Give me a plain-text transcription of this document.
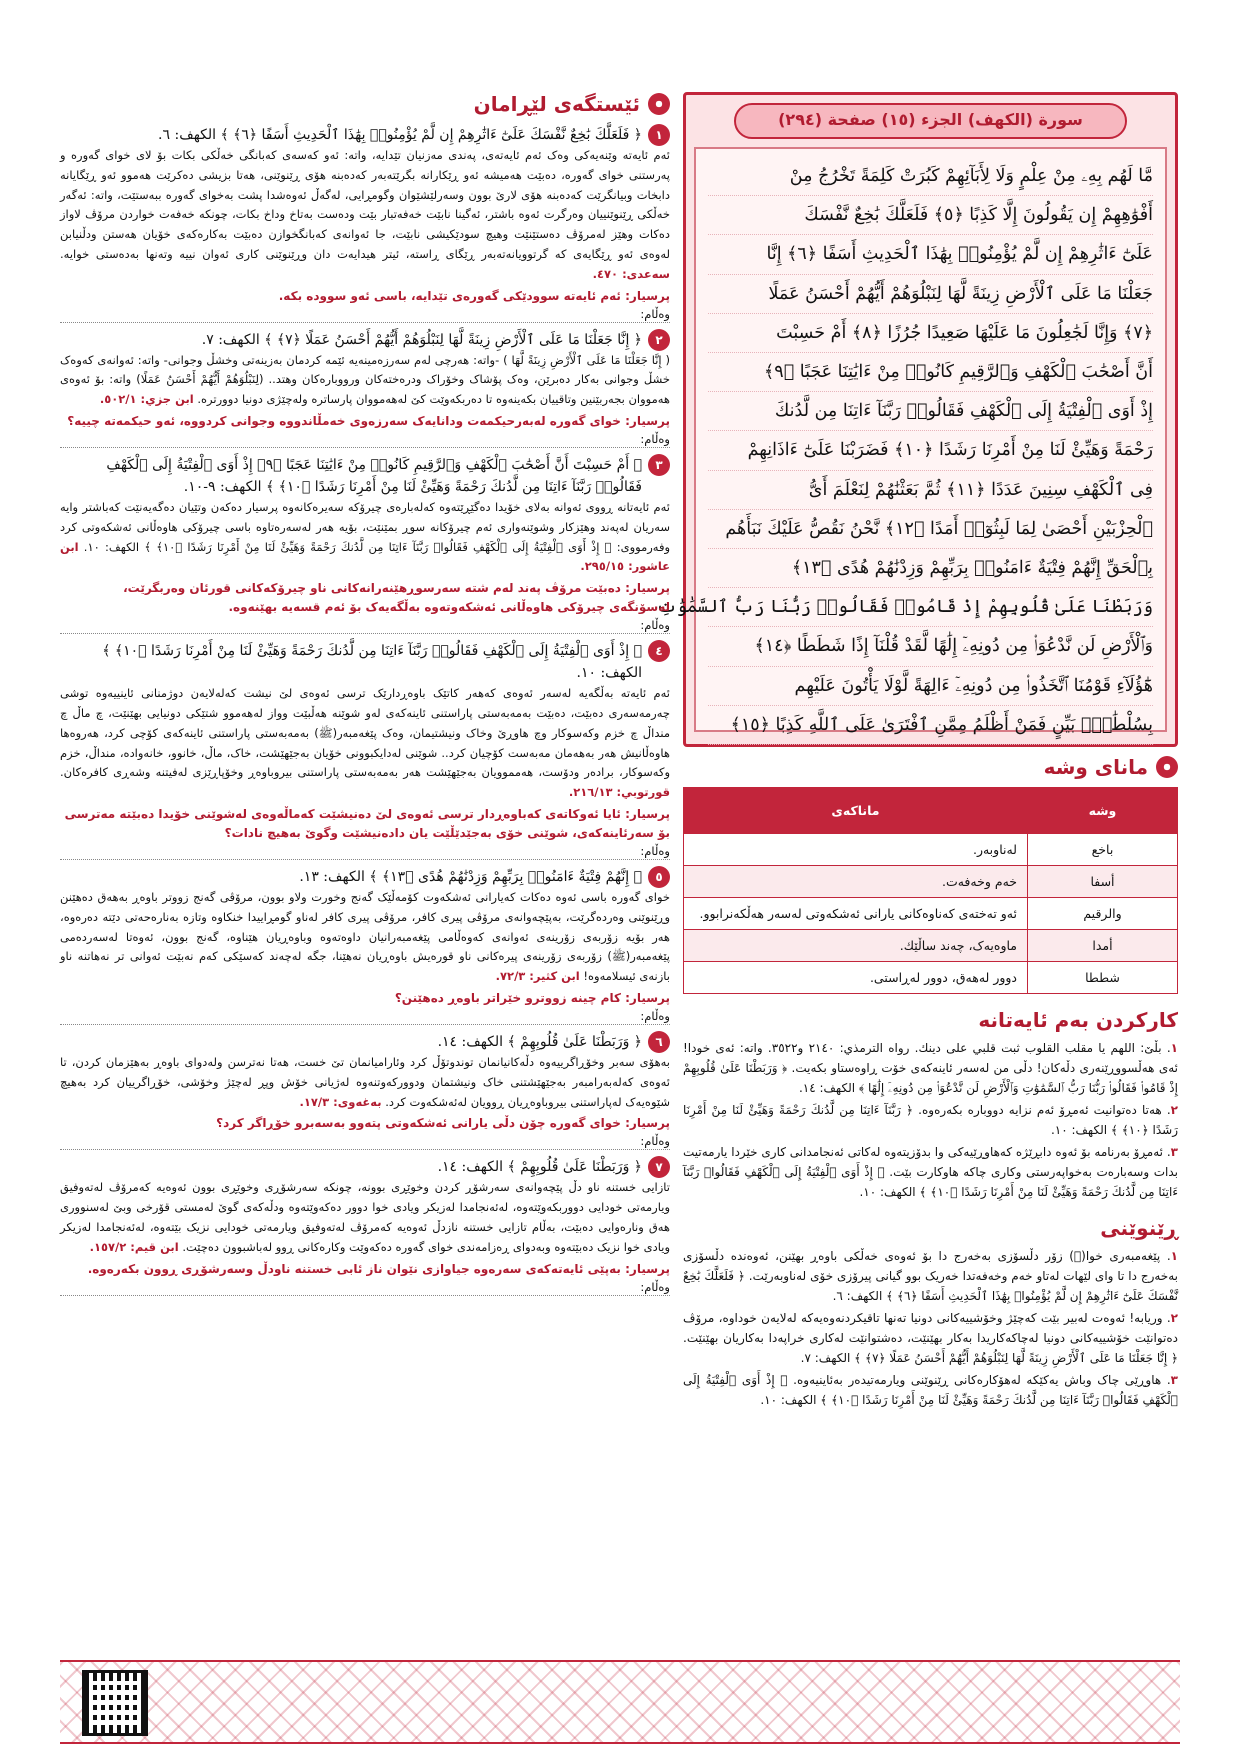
سورة (الكهف) الجزء (١٥) صفحة (٢٩٤)
مَّا لَهُم بِهِۦ مِنْ عِلْمٍ وَلَا لِأَبَآئِهِمْ كَبُرَتْ كَلِمَةً تَخْرُجُ مِنْ
أَفْوَٰهِهِمْ إِن يَقُولُونَ إِلَّا كَذِبًا ﴿٥﴾ فَلَعَلَّكَ بَٰخِعٌ نَّفْسَكَ
عَلَىٰٓ ءَاثَٰرِهِمْ إِن لَّمْ يُؤْمِنُوا۟ بِهَٰذَا ٱلْحَدِيثِ أَسَفًا ﴿٦﴾ إِنَّا
جَعَلْنَا مَا عَلَى ٱلْأَرْضِ زِينَةً لَّهَا لِنَبْلُوَهُمْ أَيُّهُمْ أَحْسَنُ عَمَلًا
﴿٧﴾ وَإِنَّا لَجَٰعِلُونَ مَا عَلَيْهَا صَعِيدًا جُرُزًا ﴿٨﴾ أَمْ حَسِبْتَ
أَنَّ أَصْحَٰبَ ٱلْكَهْفِ وَٱلرَّقِيمِ كَانُوا۟ مِنْ ءَايَٰتِنَا عَجَبًا ﴿٩﴾
إِذْ أَوَى ٱلْفِتْيَةُ إِلَى ٱلْكَهْفِ فَقَالُوا۟ رَبَّنَآ ءَاتِنَا مِن لَّدُنكَ
رَحْمَةً وَهَيِّئْ لَنَا مِنْ أَمْرِنَا رَشَدًا ﴿١٠﴾ فَضَرَبْنَا عَلَىٰٓ ءَاذَانِهِمْ
فِى ٱلْكَهْفِ سِنِينَ عَدَدًا ﴿١١﴾ ثُمَّ بَعَثْنَٰهُمْ لِنَعْلَمَ أَىُّ
ٱلْحِزْبَيْنِ أَحْصَىٰ لِمَا لَبِثُوٓا۟ أَمَدًا ﴿١٢﴾ نَّحْنُ نَقُصُّ عَلَيْكَ نَبَأَهُم
بِٱلْحَقِّ إِنَّهُمْ فِتْيَةٌ ءَامَنُوا۟ بِرَبِّهِمْ وَزِدْنَٰهُمْ هُدًى ﴿١٣﴾
وَرَبَطْنَا عَلَىٰ قُلُوبِهِمْ إِذْ قَامُوا۟ فَقَالُوا۟ رَبُّنَا رَبُّ ٱلسَّمَٰوَٰتِ
وَٱلْأَرْضِ لَن نَّدْعُوَا۟ مِن دُونِهِۦٓ إِلَٰهًا لَّقَدْ قُلْنَآ إِذًا شَطَطًا ﴿١٤﴾
هَٰٓؤُلَآءِ قَوْمُنَا ٱتَّخَذُوا۟ مِن دُونِهِۦٓ ءَالِهَةً لَّوْلَا يَأْتُونَ عَلَيْهِم
بِسُلْطَٰنٍۭ بَيِّنٍ فَمَنْ أَظْلَمُ مِمَّنِ ٱفْتَرَىٰ عَلَى ٱللَّهِ كَذِبًا ﴿١٥﴾
ئێستگەی لێڕامان
١
﴿ فَلَعَلَّكَ بَٰخِعٌ نَّفْسَكَ عَلَىٰٓ ءَاثَٰرِهِمْ إِن لَّمْ يُؤْمِنُوا۟ بِهَٰذَا ٱلْحَدِيثِ أَسَفًا ﴿٦﴾ ﴾ الكهف: ٦.
ئەم ئایەتە وێنەیەکی وەک ئەم ئایەتەی، پەندی مەزنیان تێدایە، واتە: ئەو کەسەی کەبانگی خەڵکی بکات بۆ لای خوای گەورە و پەرستنی خوای گەورە، دەبێت هەمیشە ئەو ڕێکارانە بگرێتەبەر کەدەبنە هۆی ڕێنوێنی، هەتا بزیشی دەکرێت هەموو ئەو ڕێگایانە دابخات وبیانگرێت کەدەبنە هۆی لارێ بوون وسەرلێشێوان وگومڕایی، لەگەڵ ئەوەشدا پشت بەخوای گەورە ببەستێت، واتە: ئەگەر خەڵکی ڕێنوێنییان وەرگرت ئەوە باشتر، ئەگینا نابێت خەفەتبار بێت ودەست بەتاخ وداخ بکات، چونکە خەفەت خواردن مرۆڤ لاواز دەکات وهێز لەمرۆڤ دەستێنێت وهیچ سودێکیشی نابێت، جا ئەوانەی کەبانگخوازن دەبێت بەکارەکەی خۆیان هەستن ودڵنیابن لەوەی ئەو ڕێگایەی کە گرتوویانەتەبەر ڕێگای ڕاستە، ئیتر هیدایەت دان وڕێنوێنی کاری ئەوان نییە وتەنها بەدەستی خوایە. سەعدی: ٤٧٠.
پرسیار: ئەم ئایەتە سوودێکی گەورەی تێدایە، باسی ئەو سوودە بکە.
وەڵام:
٢
﴿ إِنَّا جَعَلْنَا مَا عَلَى ٱلْأَرْضِ زِينَةً لَّهَا لِنَبْلُوَهُمْ أَيُّهُمْ أَحْسَنُ عَمَلًا ﴿٧﴾ ﴾ الكهف: ٧.
( إِنَّا جَعَلْنَا مَا عَلَى ٱلْأَرْضِ زِينَةً لَّهَا ) -واتە: هەرچی لەم سەرزەمینەیە ئێمە کردمان بەزینەتی وخشڵ وجوانی- واتە: ئەوانەی کەوەک خشڵ وجوانی بەکار دەبرێن، وەک پۆشاک وخۆراک ودرەختەکان ورووبارەکان وهتد.. (لِنَبْلُوَهُمْ أَيُّهُمْ أَحْسَنُ عَمَلًا) واتە: بۆ ئەوەی هەمووان بجەربێنین وتاقییان بکەینەوە تا دەربکەوێت کێ لەهەمووان پارساترە ولەچێژی دونیا دوورترە. ابن جزي: ٥٠٢/١.
پرسیار: خوای گەورە لەبەرحیکمەت ودانایەک سەرزەوی خەمڵاندووە وجوانی کردووە، ئەو حیکمەتە چییە؟
وەڵام:
٣
﴿ أَمْ حَسِبْتَ أَنَّ أَصْحَٰبَ ٱلْكَهْفِ وَٱلرَّقِيمِ كَانُوا۟ مِنْ ءَايَٰتِنَا عَجَبًا ﴿٩﴾ إِذْ أَوَى ٱلْفِتْيَةُ إِلَى ٱلْكَهْفِ فَقَالُوا۟ رَبَّنَآ ءَاتِنَا مِن لَّدُنكَ رَحْمَةً وَهَيِّئْ لَنَا مِنْ أَمْرِنَا رَشَدًا ﴿١٠﴾ ﴾ الكهف: ٩-١٠.
ئەم ئایەتانە ڕووی ئەوانە بەلای خۆیدا دەگێڕێتەوە کەلەبارەی چیرۆکە سەیرەکانەوە پرسیار دەکەن وتێیان دەگەیەنێت کەباشتر وایە سەریان لەپەند وهێزکار وشوێنەواری ئەم چیرۆکانە سوڕ بمێنێت، بۆیە هەر لەسەرەتاوە باسی چیرۆکی هاوەڵانی ئەشکەوتی کرد وفەرمووی: ﴿ إِذْ أَوَى ٱلْفِتْيَةُ إِلَى ٱلْكَهْفِ فَقَالُوا۟ رَبَّنَآ ءَاتِنَا مِن لَّدُنكَ رَحْمَةً وَهَيِّئْ لَنَا مِنْ أَمْرِنَا رَشَدًا ﴿١٠﴾ ﴾ الكهف: ١٠. ابن عاشور: ٢٩٥/١٥.
پرسیار: دەبێت مرۆڤ پەند لەم شتە سەرسوڕهێنەرانەکانی ناو چیرۆکەکانی قورئان وەربگرێت، لەسۆنگەی چیرۆکی هاوەڵانی ئەشکەوتەوە بەڵگەیەک بۆ ئەم قسەیە بهێنەوە.
وەڵام:
٤
﴿ إِذْ أَوَى ٱلْفِتْيَةُ إِلَى ٱلْكَهْفِ فَقَالُوا۟ رَبَّنَآ ءَاتِنَا مِن لَّدُنكَ رَحْمَةً وَهَيِّئْ لَنَا مِنْ أَمْرِنَا رَشَدًا ﴿١٠﴾ ﴾ الكهف: ١٠.
ئەم ئایەتە بەڵگەیە لەسەر ئەوەی کەهەر کاتێک باوەڕدارێک ترسی ئەوەی لێ نیشت کەلەلایەن دوژمنانی ئاینییەوە توشی چەرمەسەری دەبێت، دەبێت بەمەبەستی پاراستنی ئاینەکەی لەو شوێنە هەڵبێت وواز لەهەموو شتێکی دونیایی بهێنێت، چ ماڵ چ منداڵ چ خزم وکەسوکار وچ هاوڕێ وخاک ونیشتیمان، وەک پێغەمبەر(ﷺ) بەمەبەستی پاراستنی ئاینەکەی کۆچی کرد، هەروەها هاوەڵانیش هەر بەهەمان مەبەست کۆچیان کرد.. شوێنی لەدایکبوونی خۆیان بەجێهێشت، خاک، ماڵ، خانوو، خانەوادە، منداڵ، خزم وکەسوکار، برادەر ودۆست، هەمموویان بەجێهێشت هەر بەمەبەستی پاراستنی بیروباوەڕ وخۆپاڕێزی لەفیتنە وشەڕی کافرەکان. قورتوبي: ٢١٦/١٣.
پرسیار: ئایا ئەوکاتەی کەباوەڕدار ترسی ئەوەی لێ دەنیشێت کەماڵەوەی لەشوێنی خۆیدا دەبێتە مەترسی بۆ سەرئاینەکەی، شوێنی خۆی بەجێدێڵێت یان دادەنیشێت وگوێ بەهیچ نادات؟
وەڵام:
٥
﴿ إِنَّهُمْ فِتْيَةٌ ءَامَنُوا۟ بِرَبِّهِمْ وَزِدْنَٰهُمْ هُدًى ﴿١٣﴾ ﴾ الكهف: ١٣.
خوای گەورە باسی ئەوە دەکات کەیارانی ئەشکەوت کۆمەڵێک گەنج وخورت ولاو بوون، مرۆڤی گەنج زووتر باوەڕ بەهەق دەهێنن وڕێنوێنی وەردەگرێت، بەپێچەوانەی مرۆڤی پیری کافر، مرۆڤی پیری کافر لەناو گومڕاییدا خنکاوە وتازە بەنارەحەتی دێتە دەرەوە، هەر بۆیە زۆربەی زۆرینەی ئەوانەی کەوەڵامی پێغەمبەرانیان داوەتەوە وباوەڕیان هێناوە، گەنج بوون، ئەوەتا لەسەردەمی پێغەمبەر(ﷺ) زۆربەی زۆرینەی پیرەکانی ناو قورەیش باوەڕیان نەهێنا، جگە لەچەند کەسێکی کەم نەبێت ئەوانی تر نەهاتنە ناو بازنەی ئیسلامەوە! ابن كثير: ٧٢/٣.
پرسیار: کام چینە زووترو خێراتر باوەڕ دەهێنن؟
وەڵام:
٦
﴿ وَرَبَطْنَا عَلَىٰ قُلُوبِهِمْ ﴾ الكهف: ١٤.
بەهۆی سەبر وخۆڕاگرییەوە دڵەکانیانمان توندوتۆڵ کرد وئارامیانمان تێ خست، هەتا نەترسن ولەدوای باوەڕ بەهێزمان کردن، تا ئەوەی کەلەبەرامبەر بەجێهێشتنی خاک ونیشتمان ودوورکەوتنەوە لەژیانی خۆش وپڕ لەچێژ وخۆشی، خۆڕاگرییان کرد بەهیچ شێوەیەک لەپاراستنی بیروباوەڕیان ڕوویان لەئەشکەوت کرد. بەغەوی: ١٧/٣.
پرسیار: خوای گەورە چۆن دڵی یارانی ئەشکەوتی پتەوو بەسەبرو خۆڕاگر کرد؟
وەڵام:
٧
﴿ وَرَبَطْنَا عَلَىٰ قُلُوبِهِمْ ﴾ الكهف: ١٤.
تازایی خستنە ناو دڵ پێچەوانەی سەرشۆڕ کردن وخوێڕی بوونە، چونکە سەرشۆڕی وخوێڕی بوون ئەوەیە کەمرۆڤ لەتەوفیق ویارمەتی خودایی دووربکەوێتەوە، لەئەنجامدا لەزیکر ویادی خوا دوور دەکەوێتەوە ودڵەکەی گوێ لەمستی قۆرخی وبێ لەسنووری هەق ونارەوایی دەبێت، بەڵام تازایی خستنە نازدڵ ئەوەیە کەمرۆڤ لەتەوفیق ویارمەتی خودایی نزیک بێتەوە، لەئەنجامدا لەزیکر ویادی خوا نزیک دەبێتەوە وبەدوای ڕەزامەندی خوای گەورە دەکەوێت وکارەکانی ڕوو لەباشبوون دەچێت. ابن قیم: ١٥٧/٢.
پرسیار: بەپێی ئایەتەکەی سەرەوە جیاوازی نێوان ناز ئابی خستنە ناودڵ وسەرشۆڕی ڕوون بکەرەوە.
وەڵام:
مانای وشە
وشە	ماناکەی
باخع	لەناوبەر.
أسفا	خەم وخەفەت.
والرقيم	ئەو تەختەی کەناوەکانی یارانی ئەشکەوتی لەسەر هەڵکەنرابوو.
أمدا	ماوەیەک، چەند ساڵێك.
شططا	دوور لەهەق، دوور لەڕاستی.
کارکردن بەم ئایەتانە

١. بڵێ: اللهم يا مقلب القلوب ثبت قلبي على دينك. رواه الترمذي: ٢١٤٠ و٣٥٢٢. واتە: ئەی خودا! ئەی هەڵسووڕێنەری دڵەکان! دڵی من لەسەر ئاینەکەی خۆت ڕاوەستاو بکەیت. ﴿ وَرَبَطْنَا عَلَىٰ قُلُوبِهِمْ إِذْ قَامُوا۟ فَقَالُوا۟ رَبُّنَا رَبُّ ٱلسَّمَٰوَٰتِ وَٱلْأَرْضِ لَن نَّدْعُوَا۟ مِن دُونِهِۦٓ إِلَٰهًا ﴾ الكهف: ١٤.

٢. هەتا دەتوانیت ئەمڕۆ ئەم نزایە دووبارە بکەرەوە. ﴿ رَبَّنَآ ءَاتِنَا مِن لَّدُنكَ رَحْمَةً وَهَيِّئْ لَنَا مِنْ أَمْرِنَا رَشَدًا ﴿١٠﴾ ﴾ الكهف: ١٠.

٣. ئەمڕۆ بەرنامە بۆ ئەوە دابڕێژە کەهاوڕێیەکی وا بدۆزیتەوە لەکاتی ئەنجامدانی کاری خێردا یارمەتیت بدات وسەبارەت بەخواپەرستی وکاری چاکە هاوکارت بێت. ﴿ إِذْ أَوَى ٱلْفِتْيَةُ إِلَى ٱلْكَهْفِ فَقَالُوا۟ رَبَّنَآ ءَاتِنَا مِن لَّدُنكَ رَحْمَةً وَهَيِّئْ لَنَا مِنْ أَمْرِنَا رَشَدًا ﴿١٠﴾ ﴾ الكهف: ١٠.

ڕێنوێنی

١. پێغەمبەری خوا(ﷺ) زۆر دڵسۆزی بەخەرج دا بۆ ئەوەی خەڵکی باوەڕ بهێنن، ئەوەندە دڵسۆزی بەخەرج دا تا وای لێهات لەتاو خەم وخەفەتدا خەریک بوو گیانی پیرۆزی خۆی لەناوبەرێت. ﴿ فَلَعَلَّكَ بَٰخِعٌ نَّفْسَكَ عَلَىٰٓ ءَاثَٰرِهِمْ إِن لَّمْ يُؤْمِنُوا۟ بِهَٰذَا ٱلْحَدِيثِ أَسَفًا ﴿٦﴾ ﴾ الكهف: ٦.

٢. وریابە! ئەوەت لەبیر بێت کەچێژ وخۆشییەکانی دونیا تەنها تاقیکردنەوەیەکە لەلایەن خوداوە، مرۆڤ دەتوانێت خۆشییەکانی دونیا لەچاکەکاریدا بەکار بهێنێت، دەشتوانێت لەکاری خراپەدا بەکاریان بهێنێت. ﴿ إِنَّا جَعَلْنَا مَا عَلَى ٱلْأَرْضِ زِينَةً لَّهَا لِنَبْلُوَهُمْ أَيُّهُمْ أَحْسَنُ عَمَلًا ﴿٧﴾ ﴾ الكهف: ٧.

٣. هاوڕێی چاک وباش یەکێکە لەهۆکارەکانی ڕێنوێنی ویارمەتیدەر بەئاینیەوە. ﴿ إِذْ أَوَى ٱلْفِتْيَةُ إِلَى ٱلْكَهْفِ فَقَالُوا۟ رَبَّنَآ ءَاتِنَا مِن لَّدُنكَ رَحْمَةً وَهَيِّئْ لَنَا مِنْ أَمْرِنَا رَشَدًا ﴿١٠﴾ ﴾ الكهف: ١٠.
